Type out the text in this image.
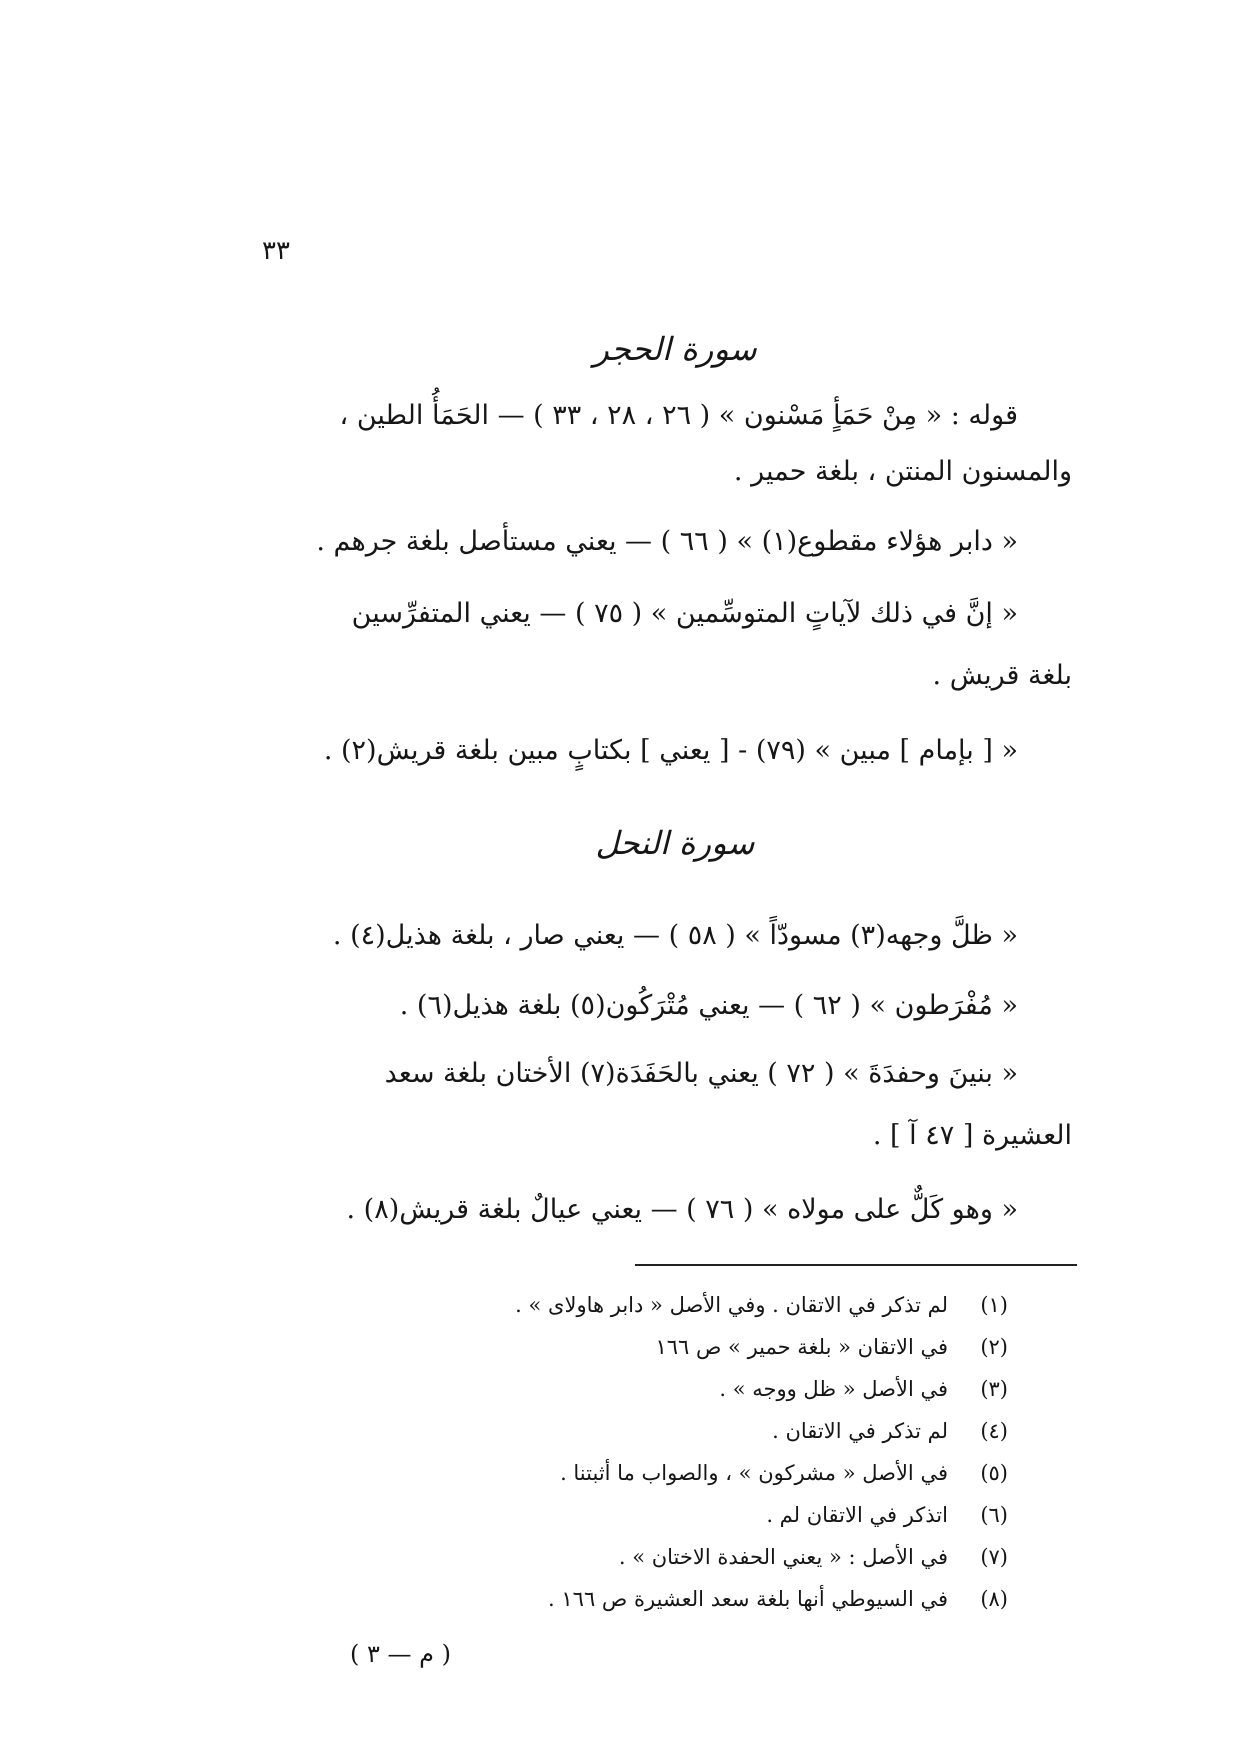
٣٣
سورة الحجر
قوله : « مِنْ حَمَأٍ مَسْنون » ( ٢٦ ، ٢٨ ، ٣٣ ) — الحَمَأُ الطين ،
والمسنون المنتن ، بلغة حمير .
« دابر هؤلاء مقطوع(١) » ( ٦٦ ) — يعني مستأصل بلغة جرهم .
« إنَّ في ذلك لآياتٍ المتوسِّمين » ( ٧٥ ) — يعني المتفرِّسين
بلغة قريش .
« [ بإمام ] مبين » (٧٩) - [ يعني ] بكتابٍ مبين بلغة قريش(٢) .
سورة النحل
« ظلَّ وجهه(٣) مسودّاً » ( ٥٨ ) — يعني صار ، بلغة هذيل(٤) .
« مُفْرَطون » ( ٦٢ ) — يعني مُتْرَكُون(٥) بلغة هذيل(٦) .
« بنينَ وحفدَةَ » ( ٧٢ ) يعني بالحَفَدَة(٧) الأختان بلغة سعد
العشيرة [ ٤٧ آ ] .
« وهو كَلٌّ على مولاه » ( ٧٦ ) — يعني عيالٌ بلغة قريش(٨) .
(١)لم تذكر في الاتقان . وفي الأصل « دابر هاولاى » .
(٢)في الاتقان « بلغة حمير » ص ١٦٦
(٣)في الأصل « ظل ووجه » .
(٤)لم تذكر في الاتقان .
(٥)في الأصل « مشركون » ، والصواب ما أثبتنا .
(٦)اتذكر في الاتقان لم .
(٧)في الأصل : « يعني الحفدة الاختان » .
(٨)في السيوطي أنها بلغة سعد العشيرة ص ١٦٦ .
( م — ٣ )
